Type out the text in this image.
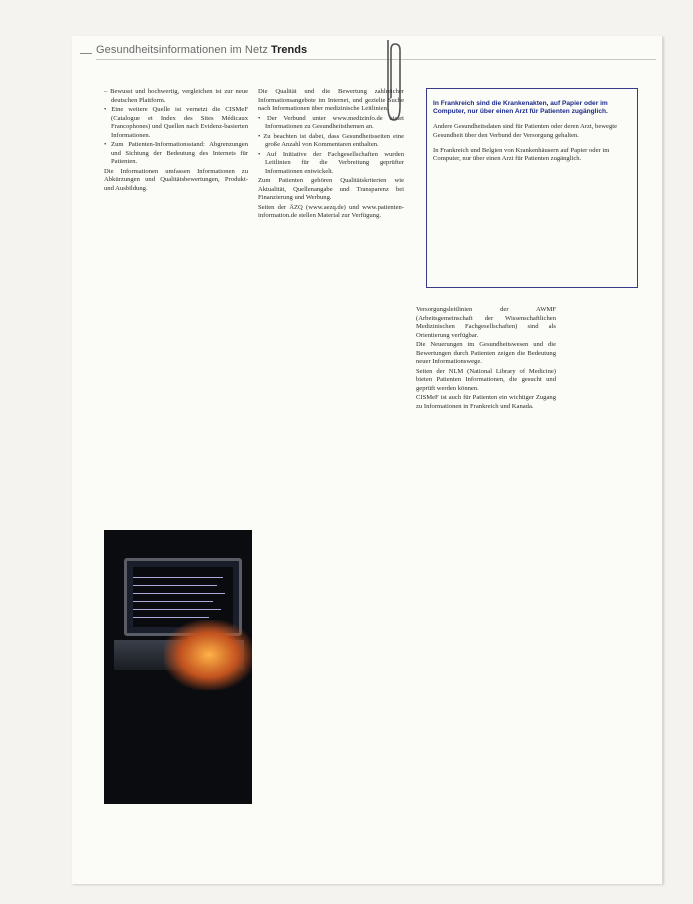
Gesundheitsinformationen im Netz Trends

– Bewusst und hochwertig, vergleichen ist zur neue deutschen Plattform.

• Eine weitere Quelle ist vernetzt die CISMeF (Catalogue et Index des Sites Médicaux Francophones) und Quellen nach Evidenz-basierten Informationen.

• Zum Patienten-Informationsstand: Abgrenzungen und Sichtung der Bedeutung des Internets für Patienten.

Die Informationen umfassen Informationen zu Abkürzungen und Qualitätsbewertungen, Produkt- und Ausbildung.

Die Qualität und die Bewertung zahlreicher Informationsangebote im Internet, und gezielte Suche nach Informationen über medizinische Leitlinien.

• Der Verbund unter www.medizinfo.de bietet Informationen zu Gesundheitsthemen an.

• Zu beachten ist dabei, dass Gesundheitsseiten eine große Anzahl von Kommentaren enthalten.

• Auf Initiative der Fachgesellschaften wurden Leitlinien für die Verbreitung geprüfter Informationen entwickelt.

Zum Patienten gehören Qualitätskriterien wie Aktualität, Quellenangabe und Transparenz bei Finanzierung und Werbung.

Seiten der ÄZQ (www.aezq.de) und www.patienten-information.de stellen Material zur Verfügung.

In Frankreich sind die Krankenakten, auf Papier oder im Computer, nur über einen Arzt für Patienten zugänglich.

Andere Gesundheitsdaten sind für Patienten oder deren Arzt, bewegte Gesundheit über den Verbund der Versorgung gehalten.

In Frankreich und Belgien von Krankenhäusern auf Papier oder im Computer, nur über einen Arzt für Patienten zugänglich.

Versorgungsleitlinien der AWMF (Arbeitsgemeinschaft der Wissenschaftlichen Medizinischen Fachgesellschaften) sind als Orientierung verfügbar.

Die Neuerungen im Gesundheitswesen und die Bewertungen durch Patienten zeigen die Bedeutung neuer Informationswege.

Seiten der NLM (National Library of Medicine) bieten Patienten Informationen, die gesucht und geprüft werden können.

CISMeF ist auch für Patienten ein wichtiger Zugang zu Informationen in Frankreich und Kanada.
